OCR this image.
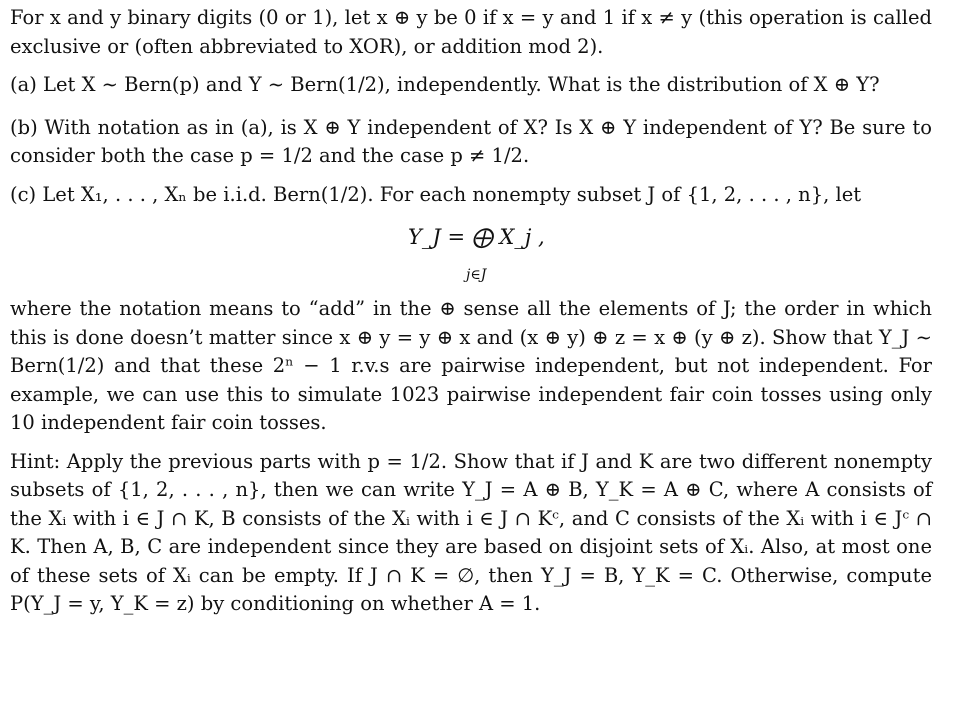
For x and y binary digits (0 or 1), let x ⊕ y be 0 if x = y and 1 if x ≠ y (this operation is called exclusive or (often abbreviated to XOR), or addition mod 2).

(a) Let X ∼ Bern(p) and Y ∼ Bern(1/2), independently. What is the distribution of X ⊕ Y?

(b) With notation as in (a), is X ⊕ Y independent of X? Is X ⊕ Y independent of Y? Be sure to consider both the case p = 1/2 and the case p ≠ 1/2.

(c) Let X₁, . . . , Xₙ be i.i.d. Bern(1/2). For each nonempty subset J of {1, 2, . . . , n}, let

Y_J = ⨁ X_j ,
j∈J

where the notation means to “add” in the ⊕ sense all the elements of J; the order in which this is done doesn’t matter since x ⊕ y = y ⊕ x and (x ⊕ y) ⊕ z = x ⊕ (y ⊕ z). Show that Y_J ∼ Bern(1/2) and that these 2ⁿ − 1 r.v.s are pairwise independent, but not independent. For example, we can use this to simulate 1023 pairwise independent fair coin tosses using only 10 independent fair coin tosses.

Hint: Apply the previous parts with p = 1/2. Show that if J and K are two different nonempty subsets of {1, 2, . . . , n}, then we can write Y_J = A ⊕ B, Y_K = A ⊕ C, where A consists of the Xᵢ with i ∈ J ∩ K, B consists of the Xᵢ with i ∈ J ∩ Kᶜ, and C consists of the Xᵢ with i ∈ Jᶜ ∩ K. Then A, B, C are independent since they are based on disjoint sets of Xᵢ. Also, at most one of these sets of Xᵢ can be empty. If J ∩ K = ∅, then Y_J = B, Y_K = C. Otherwise, compute P(Y_J = y, Y_K = z) by conditioning on whether A = 1.
